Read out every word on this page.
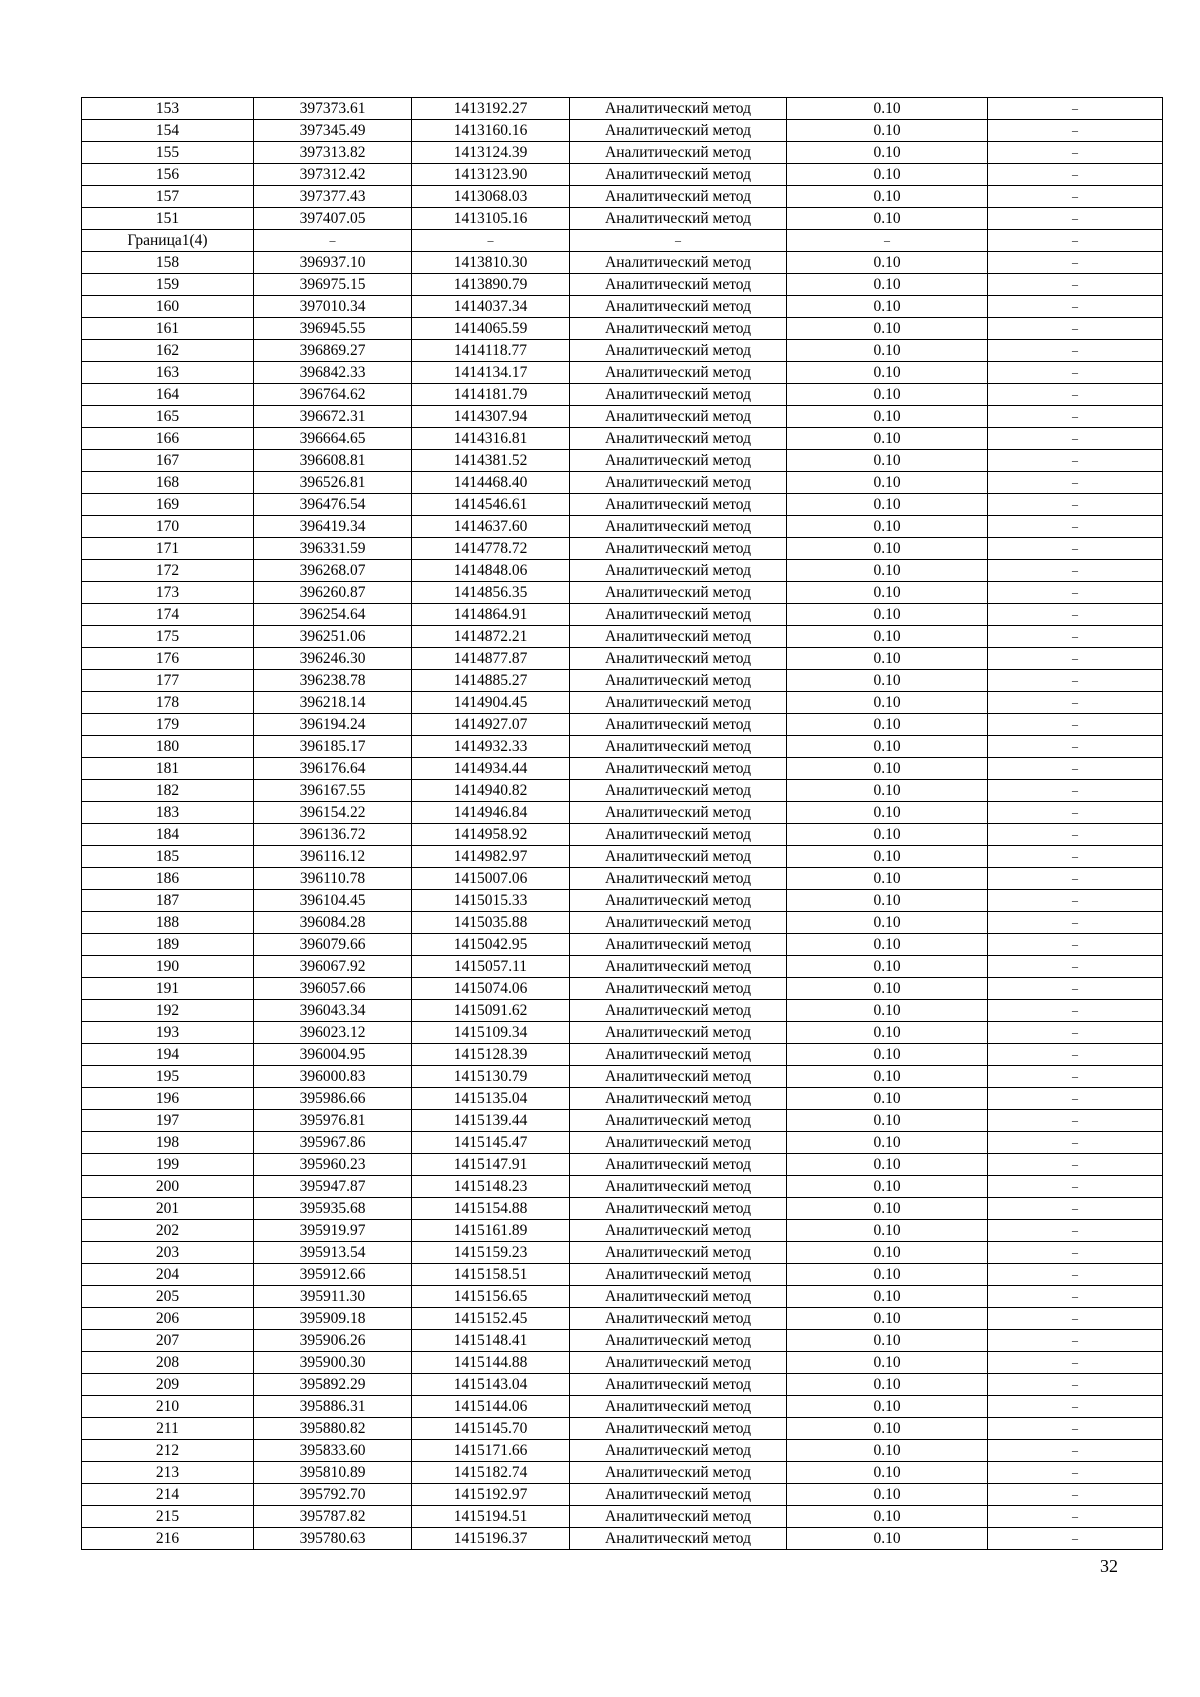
153	397373.61	1413192.27	Аналитический метод	0.10	–
154	397345.49	1413160.16	Аналитический метод	0.10	–
155	397313.82	1413124.39	Аналитический метод	0.10	–
156	397312.42	1413123.90	Аналитический метод	0.10	–
157	397377.43	1413068.03	Аналитический метод	0.10	–
151	397407.05	1413105.16	Аналитический метод	0.10	–
Граница1(4)	–	–	–	–	–
158	396937.10	1413810.30	Аналитический метод	0.10	–
159	396975.15	1413890.79	Аналитический метод	0.10	–
160	397010.34	1414037.34	Аналитический метод	0.10	–
161	396945.55	1414065.59	Аналитический метод	0.10	–
162	396869.27	1414118.77	Аналитический метод	0.10	–
163	396842.33	1414134.17	Аналитический метод	0.10	–
164	396764.62	1414181.79	Аналитический метод	0.10	–
165	396672.31	1414307.94	Аналитический метод	0.10	–
166	396664.65	1414316.81	Аналитический метод	0.10	–
167	396608.81	1414381.52	Аналитический метод	0.10	–
168	396526.81	1414468.40	Аналитический метод	0.10	–
169	396476.54	1414546.61	Аналитический метод	0.10	–
170	396419.34	1414637.60	Аналитический метод	0.10	–
171	396331.59	1414778.72	Аналитический метод	0.10	–
172	396268.07	1414848.06	Аналитический метод	0.10	–
173	396260.87	1414856.35	Аналитический метод	0.10	–
174	396254.64	1414864.91	Аналитический метод	0.10	–
175	396251.06	1414872.21	Аналитический метод	0.10	–
176	396246.30	1414877.87	Аналитический метод	0.10	–
177	396238.78	1414885.27	Аналитический метод	0.10	–
178	396218.14	1414904.45	Аналитический метод	0.10	–
179	396194.24	1414927.07	Аналитический метод	0.10	–
180	396185.17	1414932.33	Аналитический метод	0.10	–
181	396176.64	1414934.44	Аналитический метод	0.10	–
182	396167.55	1414940.82	Аналитический метод	0.10	–
183	396154.22	1414946.84	Аналитический метод	0.10	–
184	396136.72	1414958.92	Аналитический метод	0.10	–
185	396116.12	1414982.97	Аналитический метод	0.10	–
186	396110.78	1415007.06	Аналитический метод	0.10	–
187	396104.45	1415015.33	Аналитический метод	0.10	–
188	396084.28	1415035.88	Аналитический метод	0.10	–
189	396079.66	1415042.95	Аналитический метод	0.10	–
190	396067.92	1415057.11	Аналитический метод	0.10	–
191	396057.66	1415074.06	Аналитический метод	0.10	–
192	396043.34	1415091.62	Аналитический метод	0.10	–
193	396023.12	1415109.34	Аналитический метод	0.10	–
194	396004.95	1415128.39	Аналитический метод	0.10	–
195	396000.83	1415130.79	Аналитический метод	0.10	–
196	395986.66	1415135.04	Аналитический метод	0.10	–
197	395976.81	1415139.44	Аналитический метод	0.10	–
198	395967.86	1415145.47	Аналитический метод	0.10	–
199	395960.23	1415147.91	Аналитический метод	0.10	–
200	395947.87	1415148.23	Аналитический метод	0.10	–
201	395935.68	1415154.88	Аналитический метод	0.10	–
202	395919.97	1415161.89	Аналитический метод	0.10	–
203	395913.54	1415159.23	Аналитический метод	0.10	–
204	395912.66	1415158.51	Аналитический метод	0.10	–
205	395911.30	1415156.65	Аналитический метод	0.10	–
206	395909.18	1415152.45	Аналитический метод	0.10	–
207	395906.26	1415148.41	Аналитический метод	0.10	–
208	395900.30	1415144.88	Аналитический метод	0.10	–
209	395892.29	1415143.04	Аналитический метод	0.10	–
210	395886.31	1415144.06	Аналитический метод	0.10	–
211	395880.82	1415145.70	Аналитический метод	0.10	–
212	395833.60	1415171.66	Аналитический метод	0.10	–
213	395810.89	1415182.74	Аналитический метод	0.10	–
214	395792.70	1415192.97	Аналитический метод	0.10	–
215	395787.82	1415194.51	Аналитический метод	0.10	–
216	395780.63	1415196.37	Аналитический метод	0.10	–
32
